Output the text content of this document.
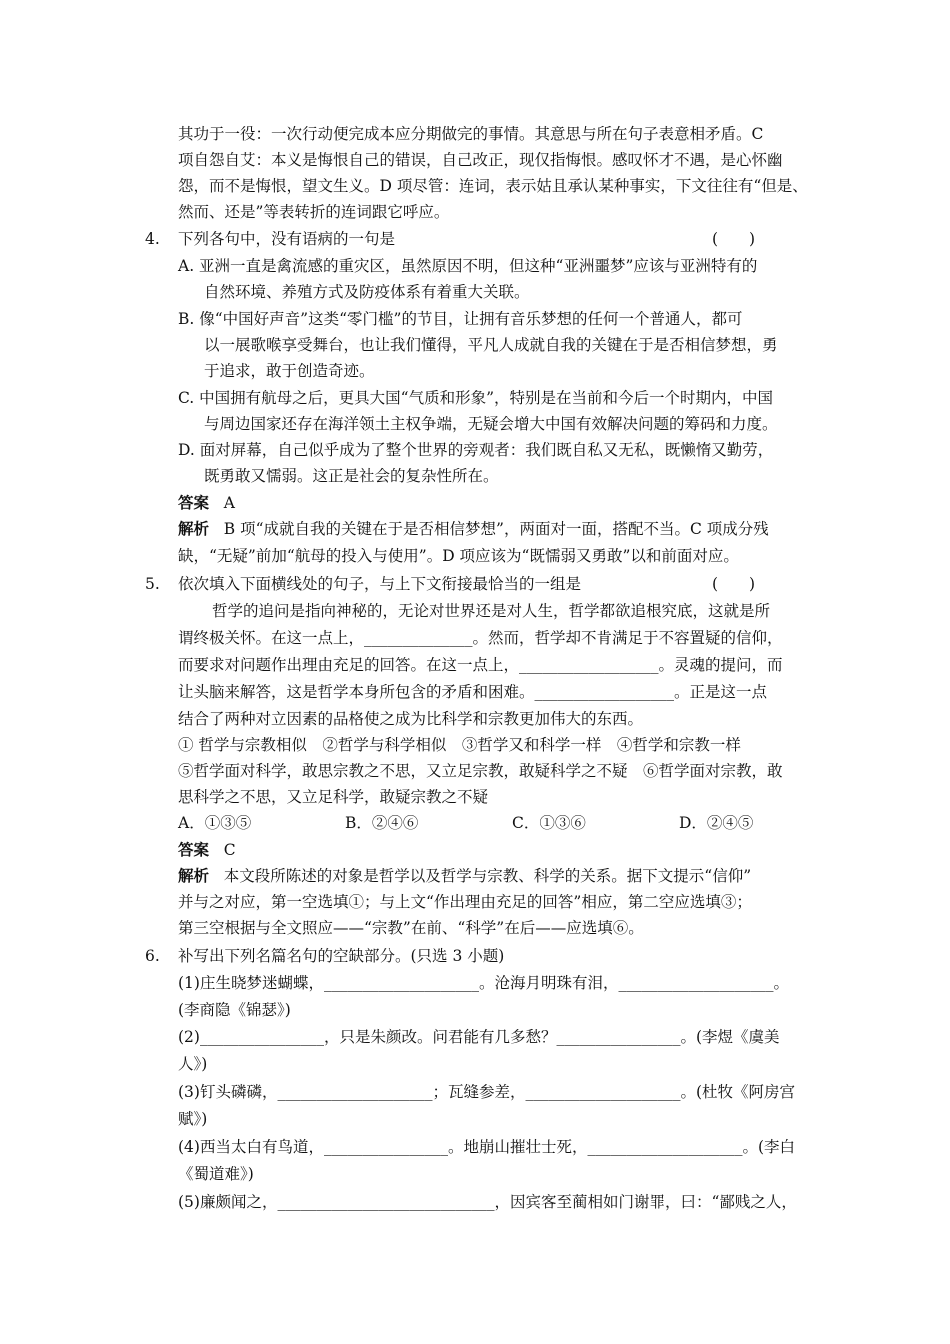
其功于一役：一次行动便完成本应分期做完的事情。其意思与所在句子表意相矛盾。C
项自怨自艾：本义是悔恨自己的错误，自己改正，现仅指悔恨。感叹怀才不遇，是心怀幽
怨，而不是悔恨，望文生义。D 项尽管：连词，表示姑且承认某种事实，下文往往有“但是、
然而、还是”等表转折的连词跟它呼应。
4. 下列各句中，没有语病的一句是	(　　)
A. 亚洲一直是禽流感的重灾区，虽然原因不明，但这种“亚洲噩梦”应该与亚洲特有的
自然环境、养殖方式及防疫体系有着重大关联。
B. 像“中国好声音”这类“零门槛”的节目，让拥有音乐梦想的任何一个普通人，都可
以一展歌喉享受舞台，也让我们懂得，平凡人成就自我的关键在于是否相信梦想，勇
于追求，敢于创造奇迹。
C. 中国拥有航母之后，更具大国“气质和形象”，特别是在当前和今后一个时期内，中国
与周边国家还存在海洋领土主权争端，无疑会增大中国有效解决问题的筹码和力度。
D. 面对屏幕，自己似乎成为了整个世界的旁观者：我们既自私又无私，既懒惰又勤劳，
既勇敢又懦弱。这正是社会的复杂性所在。
答案 A
解析 B 项“成就自我的关键在于是否相信梦想”，两面对一面，搭配不当。C 项成分残
缺，“无疑”前加“航母的投入与使用”。D 项应该为“既懦弱又勇敢”以和前面对应。
5. 依次填入下面横线处的句子，与上下文衔接最恰当的一组是	(　　)
哲学的追问是指向神秘的，无论对世界还是对人生，哲学都欲追根究底，这就是所
谓终极关怀。在这一点上，______________。然而，哲学却不肯满足于不容置疑的信仰，
而要求对问题作出理由充足的回答。在这一点上，__________________。灵魂的提问，而
让头脑来解答，这是哲学本身所包含的矛盾和困难。__________________。正是这一点
结合了两种对立因素的品格使之成为比科学和宗教更加伟大的东西。
① 哲学与宗教相似　②哲学与科学相似　③哲学又和科学一样　④哲学和宗教一样
⑤哲学面对科学，敢思宗教之不思，又立足宗教，敢疑科学之不疑　⑥哲学面对宗教，敢
思科学之不思，又立足科学，敢疑宗教之不疑
A．①③⑤	B．②④⑥	C．①③⑥	D．②④⑤
答案 C
解析 本文段所陈述的对象是哲学以及哲学与宗教、科学的关系。据下文提示“信仰”
并与之对应，第一空选填①；与上文“作出理由充足的回答”相应，第二空应选填③；
第三空根据与全文照应——“宗教”在前、“科学”在后——应选填⑥。
6. 补写出下列名篇名句的空缺部分。(只选 3 小题)
(1)庄生晓梦迷蝴蝶，____________________。沧海月明珠有泪，____________________。
(李商隐《锦瑟》)
(2)________________，只是朱颜改。问君能有几多愁？________________。(李煜《虞美
人》)
(3)钉头磷磷，____________________；瓦缝参差，____________________。(杜牧《阿房宫
赋》)
(4)西当太白有鸟道，________________。地崩山摧壮士死，____________________。(李白
《蜀道难》)
(5)廉颇闻之，____________________________，因宾客至蔺相如门谢罪，曰：“鄙贱之人，
